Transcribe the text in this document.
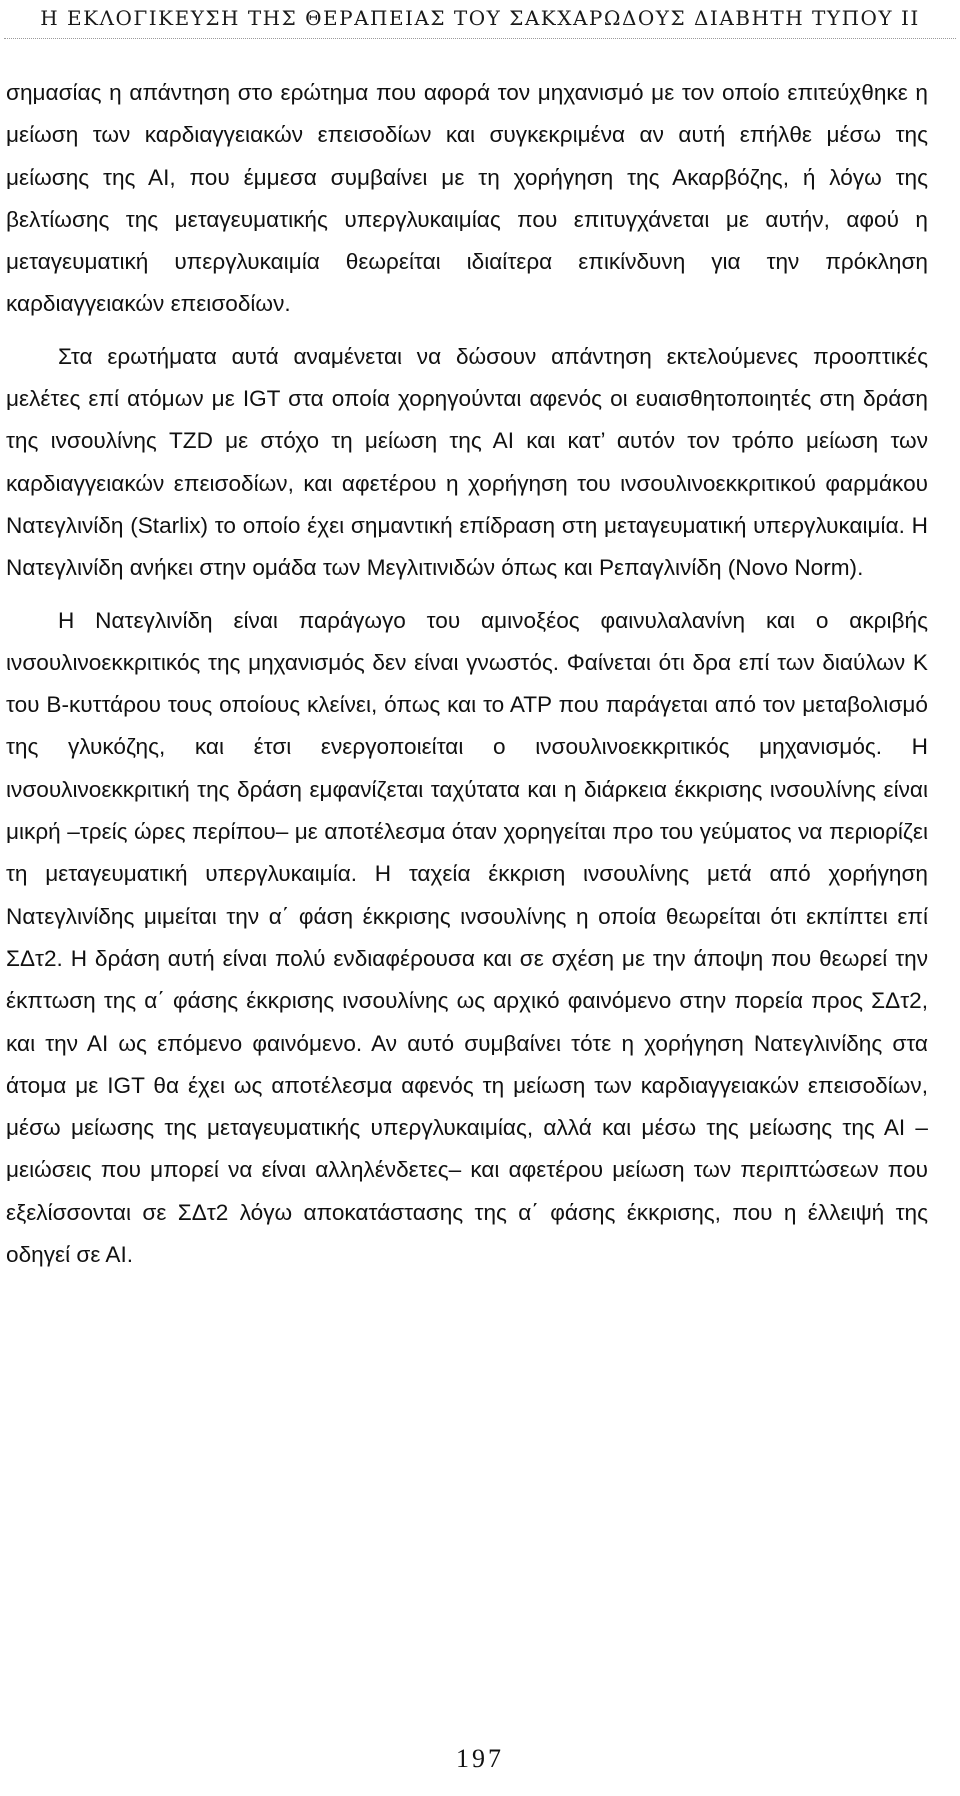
Η ΕΚΛΟΓΙΚΕΥΣΗ ΤΗΣ ΘΕΡΑΠΕΙΑΣ ΤΟΥ ΣΑΚΧΑΡΩΔΟΥΣ ΔΙΑΒΗΤΗ ΤΥΠΟΥ ΙΙ

σημασίας η απάντηση στο ερώτημα που αφορά τον μηχανισμό με τον οποίο επιτεύχθηκε η μείωση των καρδιαγγειακών επεισοδίων και συγκεκριμένα αν αυτή επήλθε μέσω της μείωσης της ΑΙ, που έμμεσα συμβαίνει με τη χορήγηση της Ακαρβόζης, ή λόγω της βελτίωσης της μεταγευματικής υπεργλυκαιμίας που επιτυγχάνεται με αυτήν, αφού η μεταγευματική υπεργλυκαιμία θεωρείται ιδιαίτερα επικίνδυνη για την πρόκληση καρδιαγγειακών επεισοδίων.

Στα ερωτήματα αυτά αναμένεται να δώσουν απάντηση εκτελούμενες προοπτικές μελέτες επί ατόμων με IGT στα οποία χορηγούνται αφενός οι ευαισθητοποιητές στη δράση της ινσουλίνης TZD με στόχο τη μείωση της ΑΙ και κατ’ αυτόν τον τρόπο μείωση των καρδιαγγειακών επεισοδίων, και αφετέρου η χορήγηση του ινσουλινοεκκριτικού φαρμάκου Νατεγλινίδη (Starlix) το οποίο έχει σημαντική επίδραση στη μεταγευματική υπεργλυκαιμία. Η Νατεγλινίδη ανήκει στην ομάδα των Μεγλιτινιδών όπως και Ρεπαγλινίδη (Novo Norm).

Η Νατεγλινίδη είναι παράγωγο του αμινοξέος φαινυλαλανίνη και ο ακριβής ινσουλινοεκκριτικός της μηχανισμός δεν είναι γνωστός. Φαίνεται ότι δρα επί των διαύλων Κ του Β-κυττάρου τους οποίους κλείνει, όπως και το ΑΤΡ που παράγεται από τον μεταβολισμό της γλυκόζης, και έτσι ενεργοποιείται ο ινσουλινοεκκριτικός μηχανισμός. Η ινσουλινοεκκριτική της δράση εμφανίζεται ταχύτατα και η διάρκεια έκκρισης ινσουλίνης είναι μικρή –τρείς ώρες περίπου– με αποτέλεσμα όταν χορηγείται προ του γεύματος να περιορίζει τη μεταγευματική υπεργλυκαιμία. Η ταχεία έκκριση ινσουλίνης μετά από χορήγηση Νατεγλινίδης μιμείται την α΄ φάση έκκρισης ινσουλίνης η οποία θεωρείται ότι εκπίπτει επί ΣΔτ2. Η δράση αυτή είναι πολύ ενδιαφέρουσα και σε σχέση με την άποψη που θεωρεί την έκπτωση της α΄ φάσης έκκρισης ινσουλίνης ως αρχικό φαινόμενο στην πορεία προς ΣΔτ2, και την ΑΙ ως επόμενο φαινόμενο. Αν αυτό συμβαίνει τότε η χορήγηση Νατεγλινίδης στα άτομα με IGT θα έχει ως αποτέλεσμα αφενός τη μείωση των καρδιαγγειακών επεισοδίων, μέσω μείωσης της μεταγευματικής υπεργλυκαιμίας, αλλά και μέσω της μείωσης της ΑΙ –μειώσεις που μπορεί να είναι αλληλένδετες– και αφετέρου μείωση των περιπτώσεων που εξελίσσονται σε ΣΔτ2 λόγω αποκατάστασης της α΄ φάσης έκκρισης, που η έλλειψή της οδηγεί σε ΑΙ.

197
